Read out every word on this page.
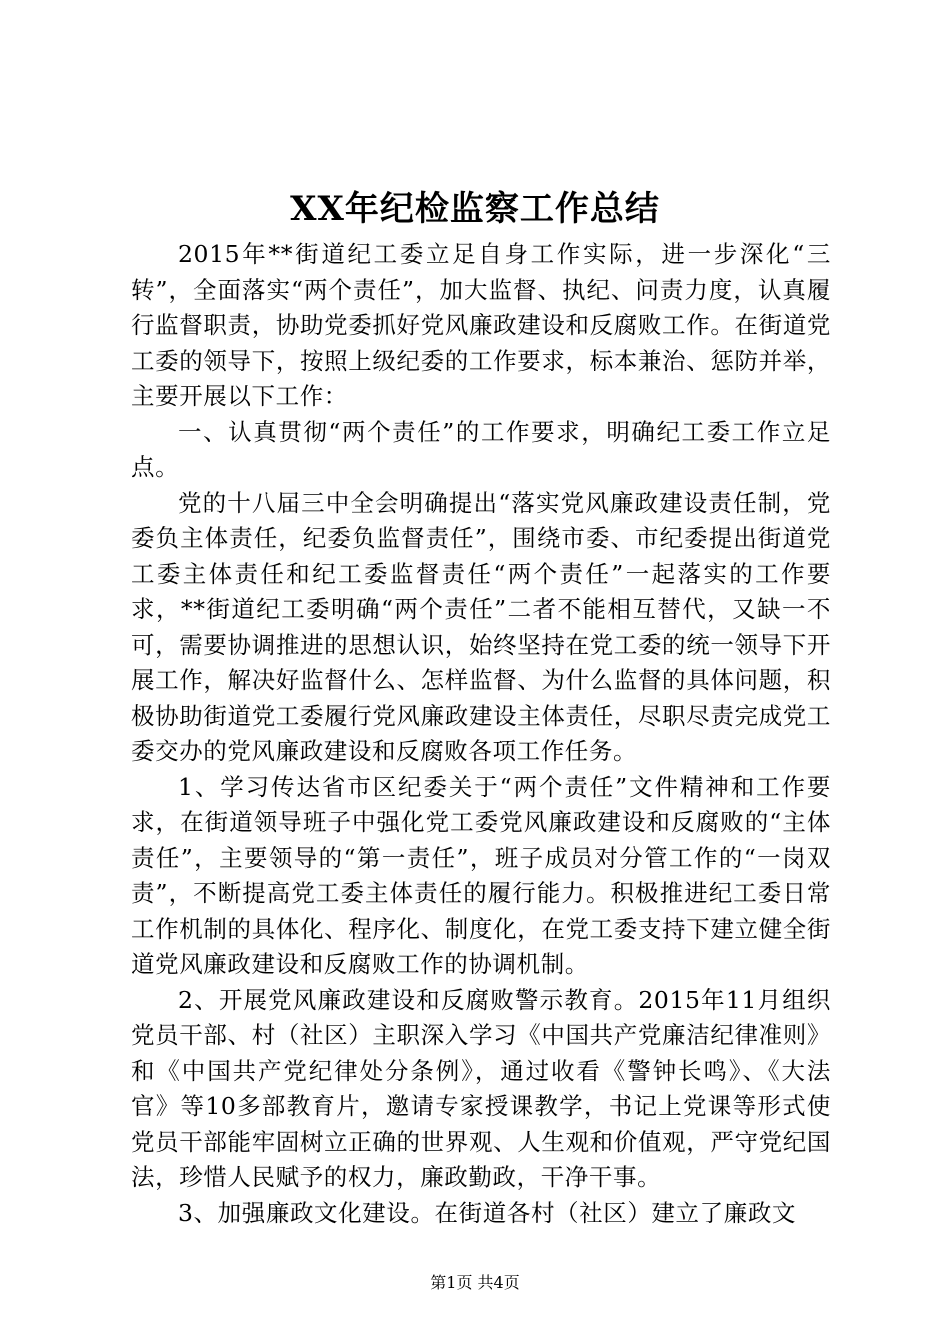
XX年纪检监察工作总结

2015年**街道纪工委立足自身工作实际，进一步深化“三转”，全面落实“两个责任”，加大监督、执纪、问责力度，认真履行监督职责，协助党委抓好党风廉政建设和反腐败工作。在街道党工委的领导下，按照上级纪委的工作要求，标本兼治、惩防并举，主要开展以下工作：

一、认真贯彻“两个责任”的工作要求，明确纪工委工作立足点。

党的十八届三中全会明确提出“落实党风廉政建设责任制，党委负主体责任，纪委负监督责任”，围绕市委、市纪委提出街道党工委主体责任和纪工委监督责任“两个责任”一起落实的工作要求，**街道纪工委明确“两个责任”二者不能相互替代，又缺一不可，需要协调推进的思想认识，始终坚持在党工委的统一领导下开展工作，解决好监督什么、怎样监督、为什么监督的具体问题，积极协助街道党工委履行党风廉政建设主体责任，尽职尽责完成党工委交办的党风廉政建设和反腐败各项工作任务。

1、学习传达省市区纪委关于“两个责任”文件精神和工作要求，在街道领导班子中强化党工委党风廉政建设和反腐败的“主体责任”，主要领导的“第一责任”，班子成员对分管工作的“一岗双责”，不断提高党工委主体责任的履行能力。积极推进纪工委日常工作机制的具体化、程序化、制度化，在党工委支持下建立健全街道党风廉政建设和反腐败工作的协调机制。

2、开展党风廉政建设和反腐败警示教育。2015年11月组织党员干部、村（社区）主职深入学习《中国共产党廉洁纪律准则》和《中国共产党纪律处分条例》，通过收看《警钟长鸣》、《大法官》等10多部教育片，邀请专家授课教学，书记上党课等形式使党员干部能牢固树立正确的世界观、人生观和价值观，严守党纪国法，珍惜人民赋予的权力，廉政勤政，干净干事。

3、加强廉政文化建设。在街道各村（社区）建立了廉政文

第1页 共4页
